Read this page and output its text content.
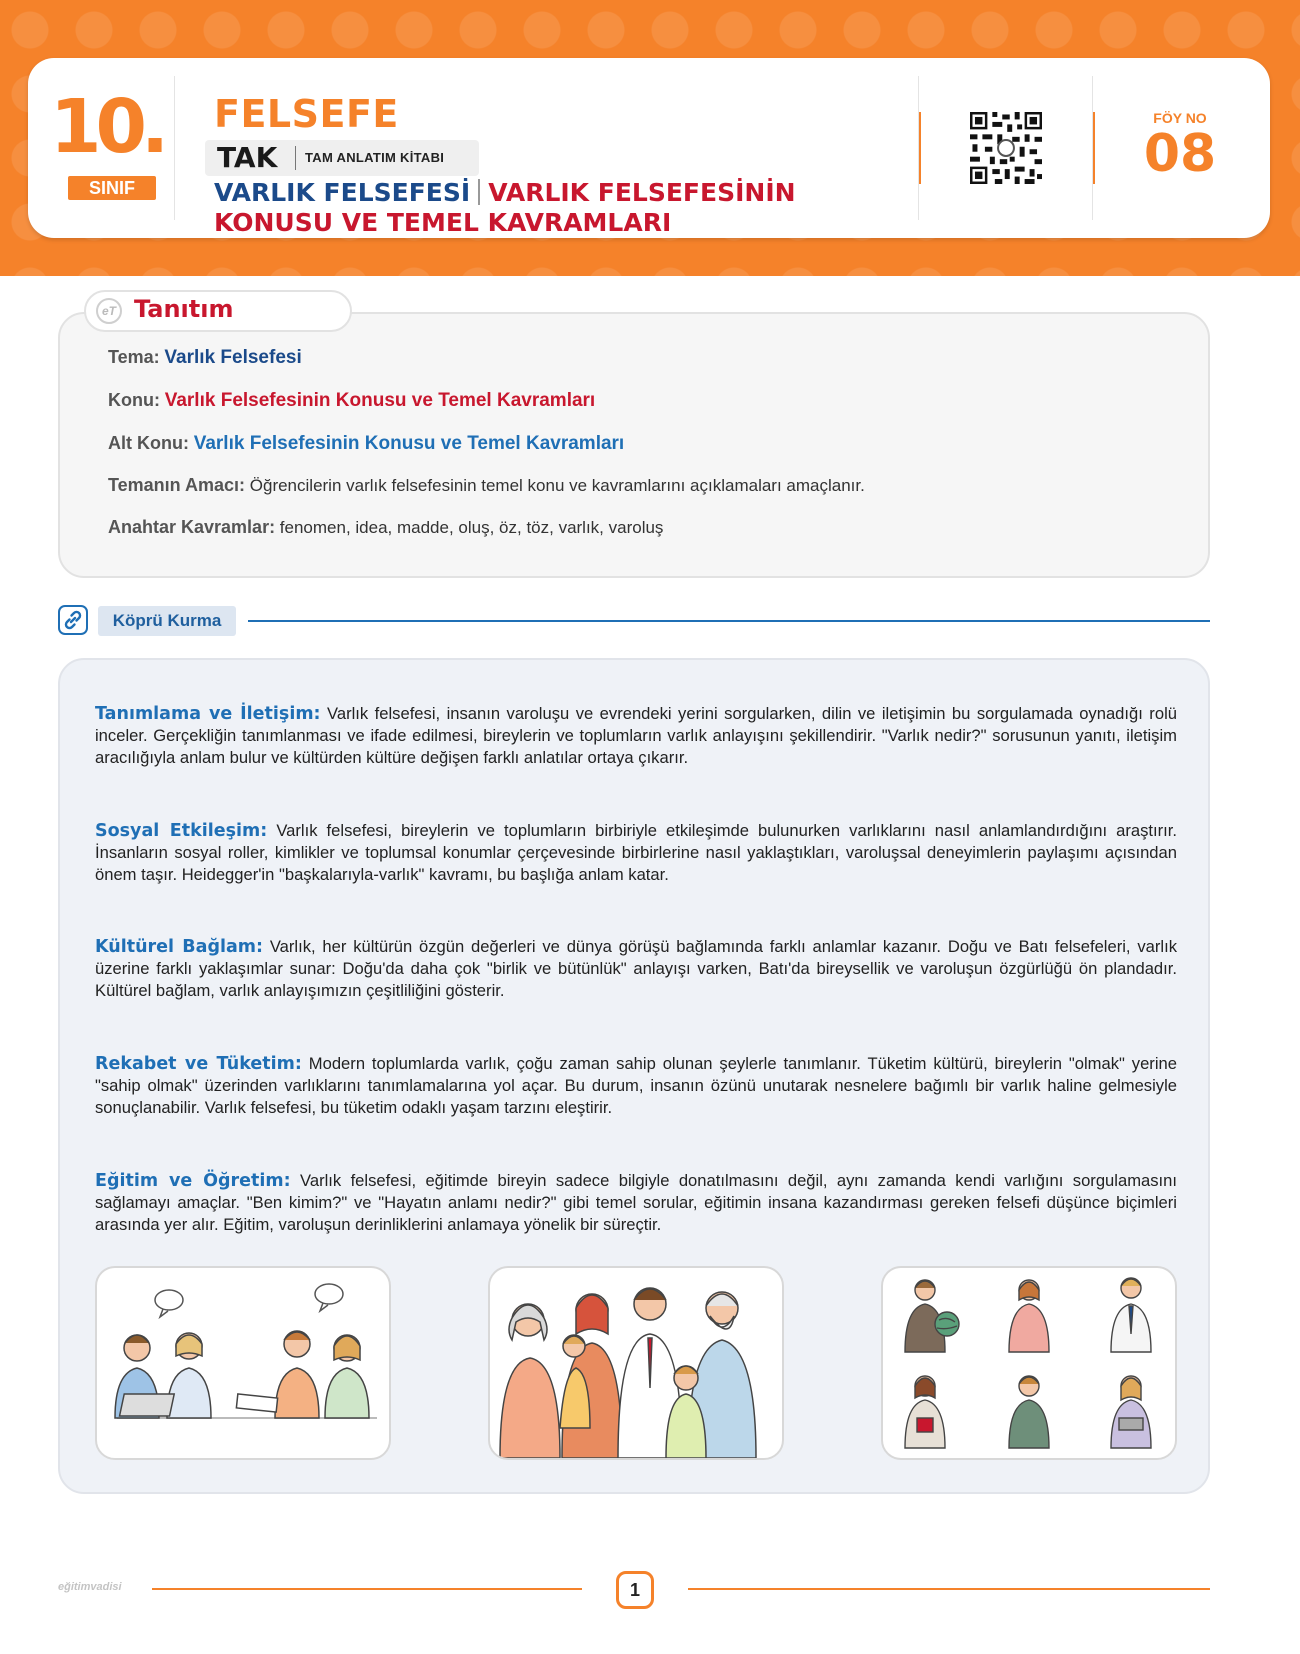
10.
SINIF
FELSEFE
TAK TAM ANLATIM KİTABI
VARLIK FELSEFESİ VARLIK FELSEFESİNİN
KONUSU VE TEMEL KAVRAMLARI
FÖY NO
08
eT Tanıtım
Tema: Varlık Felsefesi
Konu: Varlık Felsefesinin Konusu ve Temel Kavramları
Alt Konu: Varlık Felsefesinin Konusu ve Temel Kavramları
Temanın Amacı: Öğrencilerin varlık felsefesinin temel konu ve kavramlarını açıklamaları amaçlanır.
Anahtar Kavramlar: fenomen, idea, madde, oluş, öz, töz, varlık, varoluş
Köprü Kurma
Tanımlama ve İletişim: Varlık felsefesi, insanın varoluşu ve evrendeki yerini sorgularken, dilin ve iletişimin bu sorgulamada oynadığı rolü inceler. Gerçekliğin tanımlanması ve ifade edilmesi, bireylerin ve toplumların varlık anlayışını şekillendirir. "Varlık nedir?" sorusunun yanıtı, iletişim aracılığıyla anlam bulur ve kültürden kültüre değişen farklı anlatılar ortaya çıkarır.
Sosyal Etkileşim: Varlık felsefesi, bireylerin ve toplumların birbiriyle etkileşimde bulunurken varlıklarını nasıl anlamlandırdığını araştırır. İnsanların sosyal roller, kimlikler ve toplumsal konumlar çerçevesinde birbirlerine nasıl yaklaştıkları, varoluşsal deneyimlerin paylaşımı açısından önem taşır. Heidegger'in "başkalarıyla-varlık" kavramı, bu başlığa anlam katar.
Kültürel Bağlam: Varlık, her kültürün özgün değerleri ve dünya görüşü bağlamında farklı anlamlar kazanır. Doğu ve Batı felsefeleri, varlık üzerine farklı yaklaşımlar sunar: Doğu'da daha çok "birlik ve bütünlük" anlayışı varken, Batı'da bireysellik ve varoluşun özgürlüğü ön plandadır. Kültürel bağlam, varlık anlayışımızın çeşitliliğini gösterir.
Rekabet ve Tüketim: Modern toplumlarda varlık, çoğu zaman sahip olunan şeylerle tanımlanır. Tüketim kültürü, bireylerin "olmak" yerine "sahip olmak" üzerinden varlıklarını tanımlamalarına yol açar. Bu durum, insanın özünü unutarak nesnelere bağımlı bir varlık haline gelmesiyle sonuçlanabilir. Varlık felsefesi, bu tüketim odaklı yaşam tarzını eleştirir.
Eğitim ve Öğretim: Varlık felsefesi, eğitimde bireyin sadece bilgiyle donatılmasını değil, aynı zamanda kendi varlığını sorgulamasını sağlamayı amaçlar. "Ben kimim?" ve "Hayatın anlamı nedir?" gibi temel sorular, eğitimin insana kazandırması gereken felsefi düşünce biçimleri arasında yer alır. Eğitim, varoluşun derinliklerini anlamaya yönelik bir süreçtir.
eğitimvadisi	1
